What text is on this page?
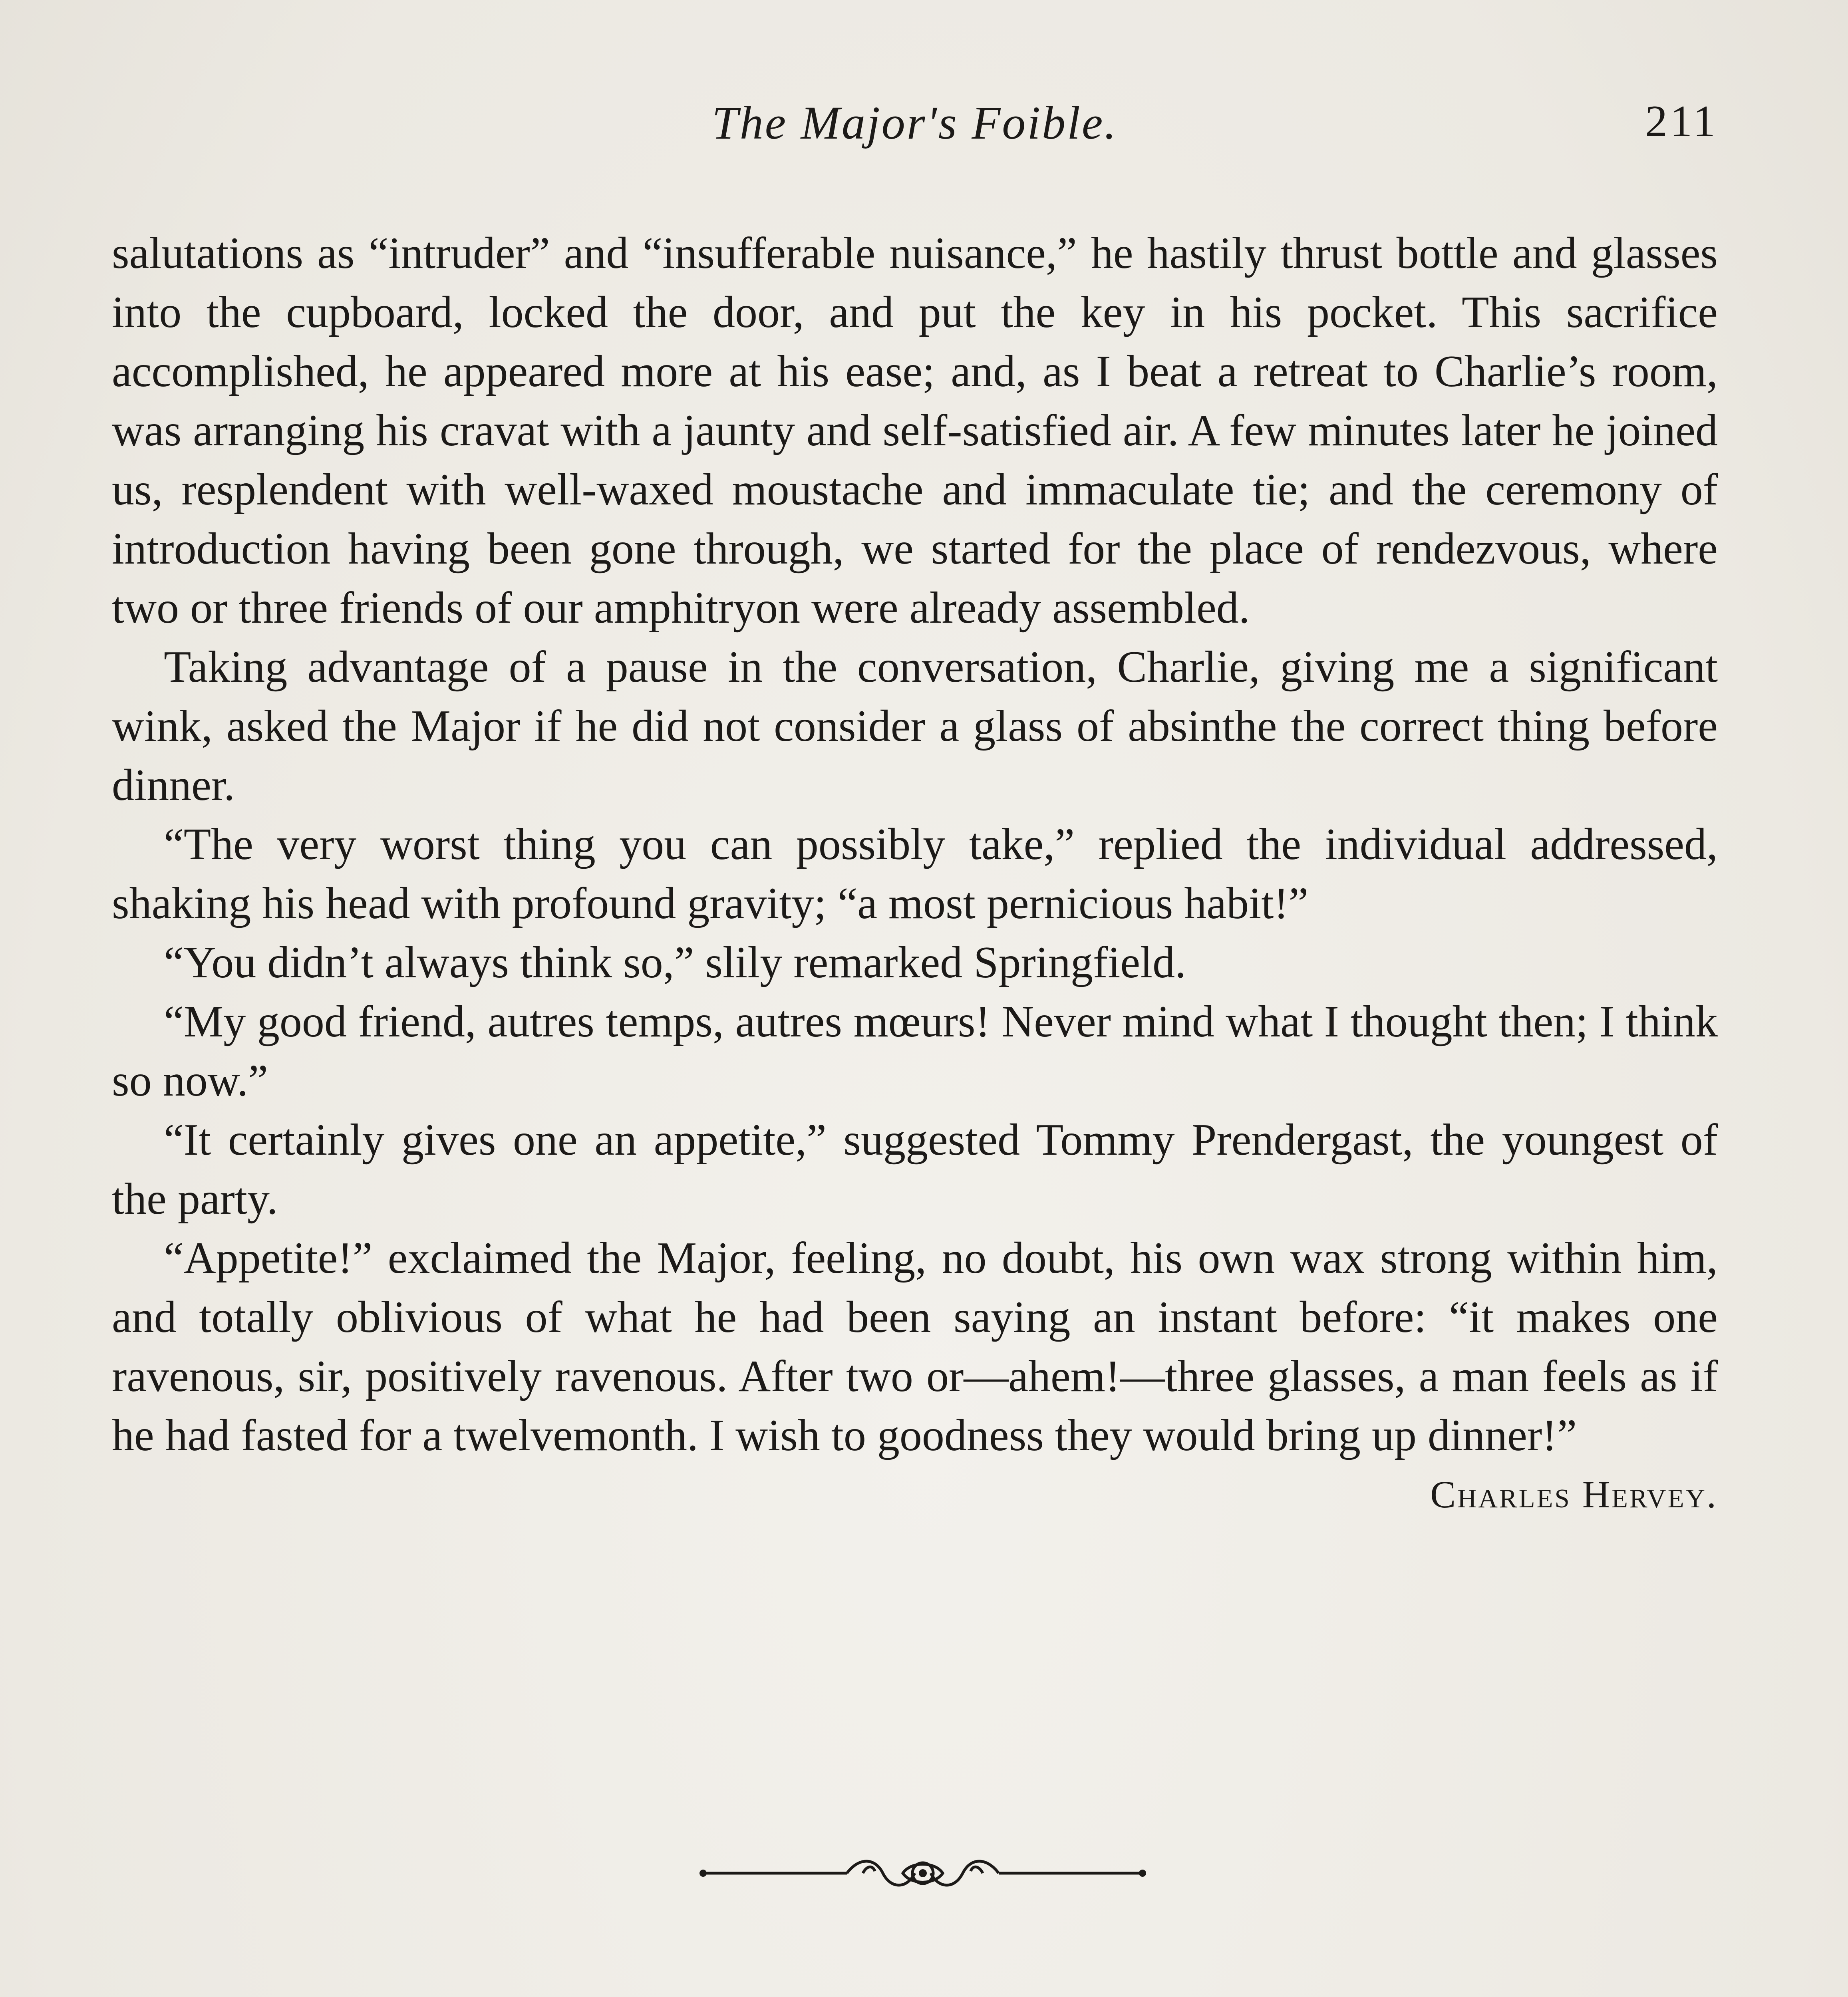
The Major's Foible.	211

salutations as “intruder” and “insufferable nuisance,” he hastily thrust bottle and glasses into the cupboard, locked the door, and put the key in his pocket. This sacrifice accomplished, he appeared more at his ease; and, as I beat a retreat to Charlie’s room, was arranging his cravat with a jaunty and self-satisfied air. A few minutes later he joined us, resplendent with well-waxed moustache and immaculate tie; and the ceremony of introduction having been gone through, we started for the place of rendezvous, where two or three friends of our amphitryon were already assembled.

Taking advantage of a pause in the conversation, Charlie, giving me a significant wink, asked the Major if he did not consider a glass of absinthe the correct thing before dinner.

“The very worst thing you can possibly take,” replied the individual addressed, shaking his head with profound gravity; “a most pernicious habit!”

“You didn’t always think so,” slily remarked Springfield.

“My good friend, autres temps, autres mœurs! Never mind what I thought then; I think so now.”

“It certainly gives one an appetite,” suggested Tommy Prendergast, the youngest of the party.

“Appetite!” exclaimed the Major, feeling, no doubt, his own wax strong within him, and totally oblivious of what he had been saying an instant before: “it makes one ravenous, sir, positively ravenous. After two or—ahem!—three glasses, a man feels as if he had fasted for a twelvemonth. I wish to goodness they would bring up dinner!”

Charles Hervey.
